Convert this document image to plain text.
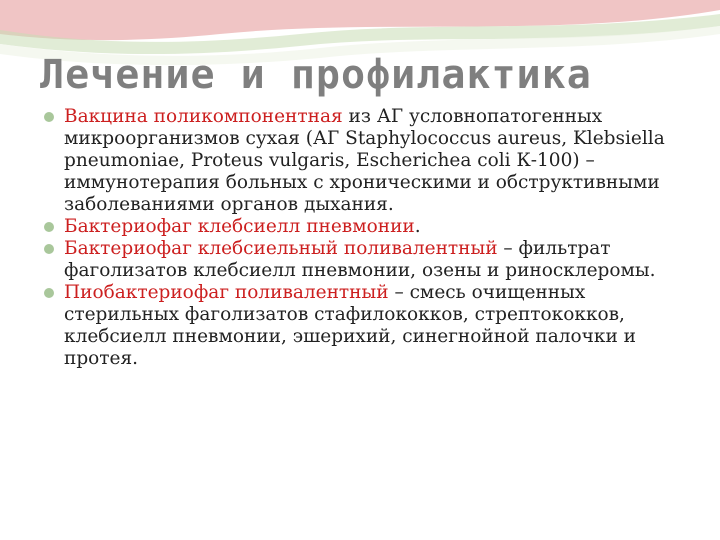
Лечение и профилактика
Вакцина поликомпонентная из АГ условнопатогенных микроорганизмов сухая (АГ Staphylococcus aureus, Klebsiella pneumoniae, Proteus vulgaris, Escherichea coli К-100) – иммунотерапия больных с хроническими и обструктивными заболеваниями органов дыхания.
Бактериофаг клебсиелл пневмонии.
Бактериофаг клебсиельный поливалентный – фильтрат фаголизатов клебсиелл пневмонии, озены и риносклеромы.
Пиобактериофаг поливалентный – смесь очищенных стерильных фаголизатов стафилококков, стрептококков, клебсиелл пневмонии, эшерихий, синегнойной палочки и протея.
